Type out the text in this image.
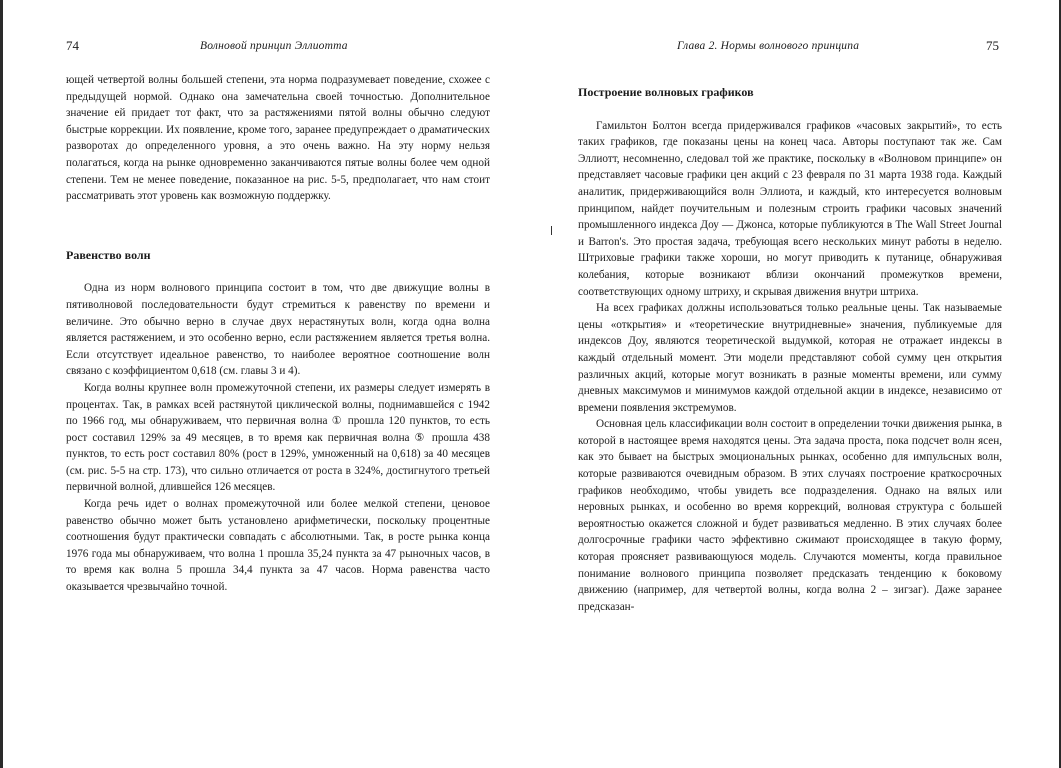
74	Волновой принцип Эллиотта

ющей четвертой волны большей степени, эта норма подразумевает поведение, схожее с предыдущей нормой. Однако она замечательна своей точностью. Дополнительное значение ей придает тот факт, что за растяжениями пятой волны обычно следуют быстрые коррекции. Их появление, кроме того, заранее предупреждает о драматических разворотах до определенного уровня, а это очень важно. На эту норму нельзя полагаться, когда на рынке одновременно заканчиваются пятые волны более чем одной степени. Тем не менее поведение, показанное на рис. 5-5, предполагает, что нам стоит рассматривать этот уровень как возможную поддержку.

Равенство волн

Одна из норм волнового принципа состоит в том, что две движущие волны в пятиволновой последовательности будут стремиться к равенству по времени и величине. Это обычно верно в случае двух нерастянутых волн, когда одна волна является растяжением, и это особенно верно, если растяжением является третья волна. Если отсутствует идеальное равенство, то наиболее вероятное соотношение волн связано с коэффициентом 0,618 (см. главы 3 и 4).

Когда волны крупнее волн промежуточной степени, их размеры следует измерять в процентах. Так, в рамках всей растянутой циклической волны, поднимавшейся с 1942 по 1966 год, мы обнаруживаем, что первичная волна ① прошла 120 пунктов, то есть рост составил 129% за 49 месяцев, в то время как первичная волна ⑤ прошла 438 пунктов, то есть рост составил 80% (рост в 129%, умноженный на 0,618) за 40 месяцев (см. рис. 5-5 на стр. 173), что сильно отличается от роста в 324%, достигнутого третьей первичной волной, длившейся 126 месяцев.

Когда речь идет о волнах промежуточной или более мелкой степени, ценовое равенство обычно может быть установлено арифметически, поскольку процентные соотношения будут практически совпадать с абсолютными. Так, в росте рынка конца 1976 года мы обнаруживаем, что волна 1 прошла 35,24 пункта за 47 рыночных часов, в то время как волна 5 прошла 34,4 пункта за 47 часов. Норма равенства часто оказывается чрезвычайно точной.

Глава 2. Нормы волнового принципа	75
Построение волновых графиков

Гамильтон Болтон всегда придерживался графиков «часовых закрытий», то есть таких графиков, где показаны цены на конец часа. Авторы поступают так же. Сам Эллиотт, несомненно, следовал той же практике, поскольку в «Волновом принципе» он представляет часовые графики цен акций с 23 февраля по 31 марта 1938 года. Каждый аналитик, придерживающийся волн Эллиота, и каждый, кто интересуется волновым принципом, найдет поучительным и полезным строить графики часовых значений промышленного индекса Доу — Джонса, которые публикуются в The Wall Street Journal и Barron's. Это простая задача, требующая всего нескольких минут работы в неделю. Штриховые графики также хороши, но могут приводить к путанице, обнаруживая колебания, которые возникают вблизи окончаний промежутков времени, соответствующих одному штриху, и скрывая движения внутри штриха.

На всех графиках должны использоваться только реальные цены. Так называемые цены «открытия» и «теоретические внутридневные» значения, публикуемые для индексов Доу, являются теоретической выдумкой, которая не отражает индексы в каждый отдельный момент. Эти модели представляют собой сумму цен открытия различных акций, которые могут возникать в разные моменты времени, или сумму дневных максимумов и минимумов каждой отдельной акции в индексе, независимо от времени появления экстремумов.

Основная цель классификации волн состоит в определении точки движения рынка, в которой в настоящее время находятся цены. Эта задача проста, пока подсчет волн ясен, как это бывает на быстрых эмоциональных рынках, особенно для импульсных волн, которые развиваются очевидным образом. В этих случаях построение краткосрочных графиков необходимо, чтобы увидеть все подразделения. Однако на вялых или неровных рынках, и особенно во время коррекций, волновая структура с большей вероятностью окажется сложной и будет развиваться медленно. В этих случаях более долгосрочные графики часто эффективно сжимают происходящее в такую форму, которая проясняет развивающуюся модель. Случаются моменты, когда правильное понимание волнового принципа позволяет предсказать тенденцию к боковому движению (например, для четвертой волны, когда волна 2 – зигзаг). Даже заранее предсказан-
